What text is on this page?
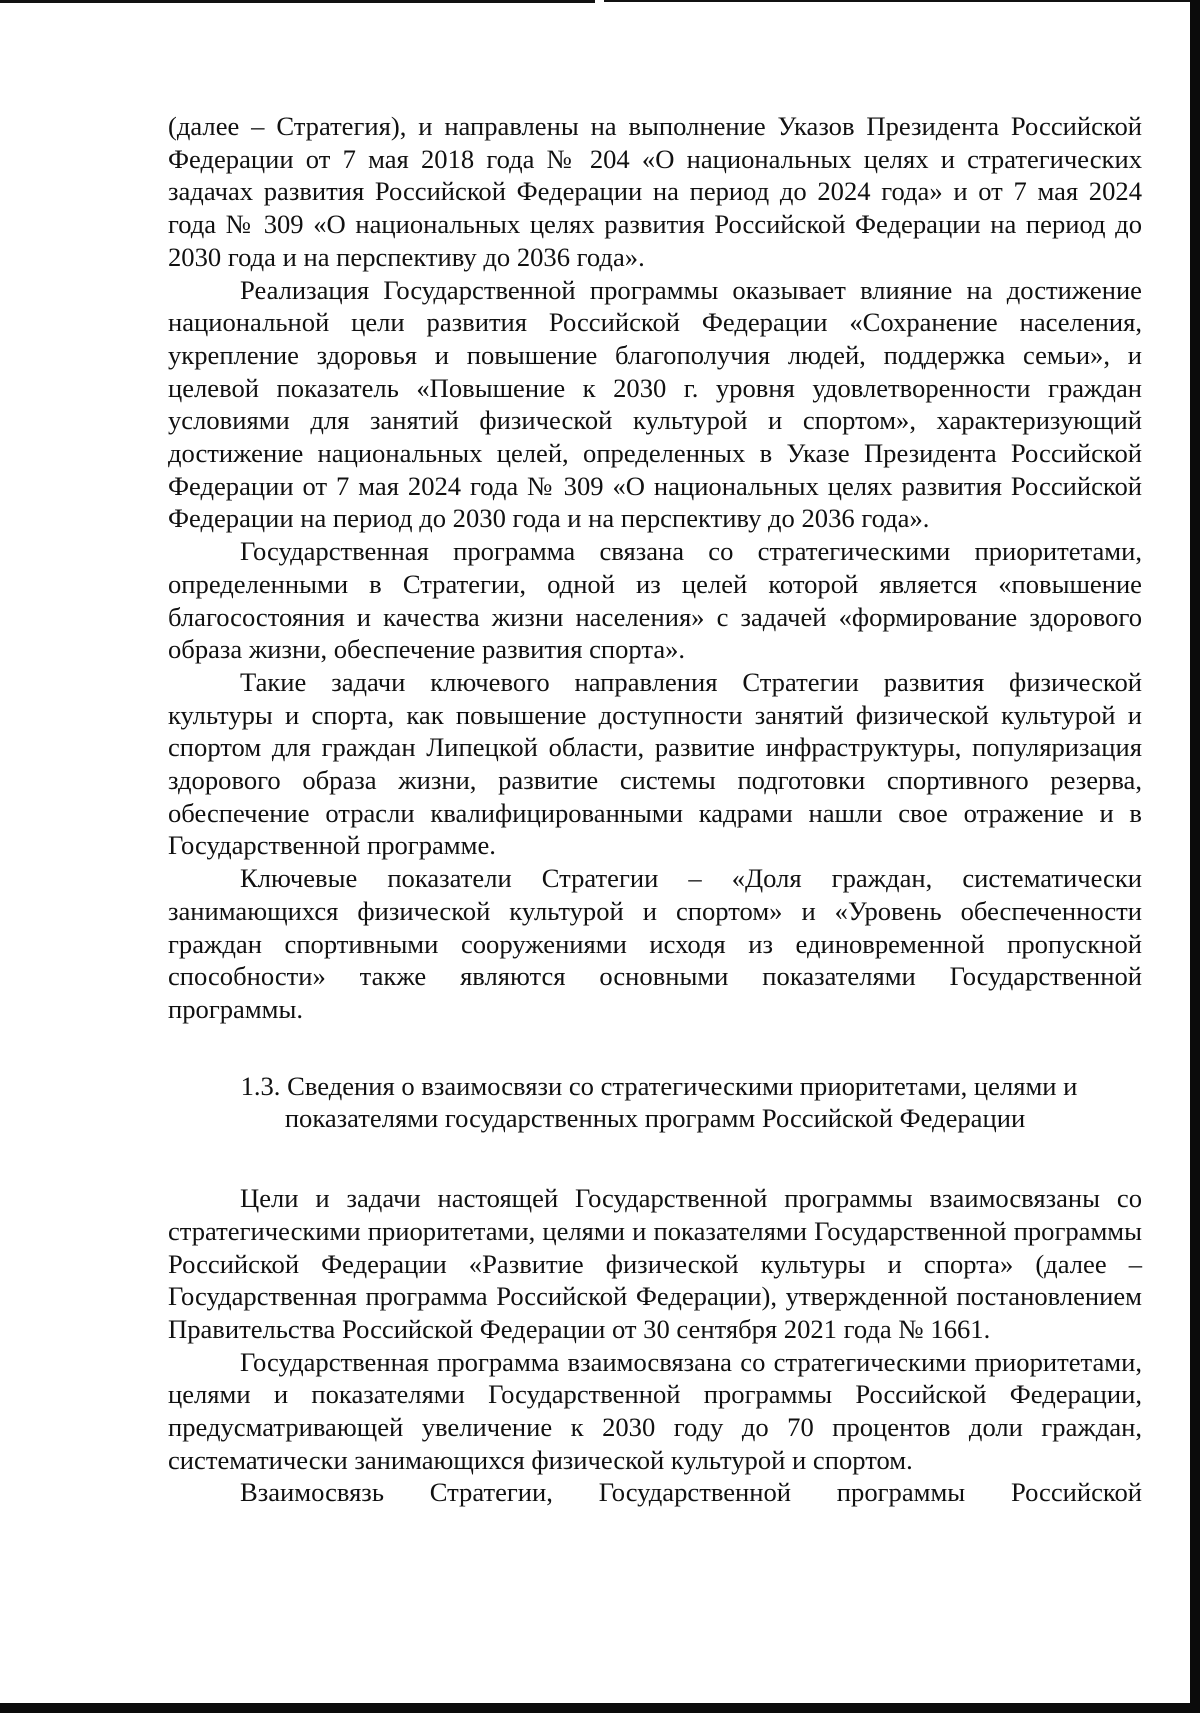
(далее – Стратегия), и направлены на выполнение Указов Президента Российской Федерации от 7 мая 2018 года № 204 «О национальных целях и стратегических задачах развития Российской Федерации на период до 2024 года» и от 7 мая 2024 года № 309 «О национальных целях развития Российской Федерации на период до 2030 года и на перспективу до 2036 года».

Реализация Государственной программы оказывает влияние на достижение национальной цели развития Российской Федерации «Сохранение населения, укрепление здоровья и повышение благополучия людей, поддержка семьи», и целевой показатель «Повышение к 2030 г. уровня удовлетворенности граждан условиями для занятий физической культурой и спортом», характеризующий достижение национальных целей, определенных в Указе Президента Российской Федерации от 7 мая 2024 года № 309 «О национальных целях развития Российской Федерации на период до 2030 года и на перспективу до 2036 года».

Государственная программа связана со стратегическими приоритетами, определенными в Стратегии, одной из целей которой является «повышение благосостояния и качества жизни населения» с задачей «формирование здорового образа жизни, обеспечение развития спорта».

Такие задачи ключевого направления Стратегии развития физической культуры и спорта, как повышение доступности занятий физической культурой и спортом для граждан Липецкой области, развитие инфраструктуры, популяризация здорового образа жизни, развитие системы подготовки спортивного резерва, обеспечение отрасли квалифицированными кадрами нашли свое отражение и в Государственной программе.

Ключевые показатели Стратегии – «Доля граждан, систематически занимающихся физической культурой и спортом» и «Уровень обеспеченности граждан спортивными сооружениями исходя из единовременной пропускной способности» также являются основными показателями Государственной программы.

1.3. Сведения о взаимосвязи со стратегическими приоритетами, целями и
показателями государственных программ Российской Федерации

Цели и задачи настоящей Государственной программы взаимосвязаны со стратегическими приоритетами, целями и показателями Государственной программы Российской Федерации «Развитие физической культуры и спорта» (далее – Государственная программа Российской Федерации), утвержденной постановлением Правительства Российской Федерации от 30 сентября 2021 года № 1661.

Государственная программа взаимосвязана со стратегическими приоритетами, целями и показателями Государственной программы Российской Федерации, предусматривающей увеличение к 2030 году до 70 процентов доли граждан, систематически занимающихся физической культурой и спортом.

Взаимосвязь Стратегии, Государственной программы Российской
